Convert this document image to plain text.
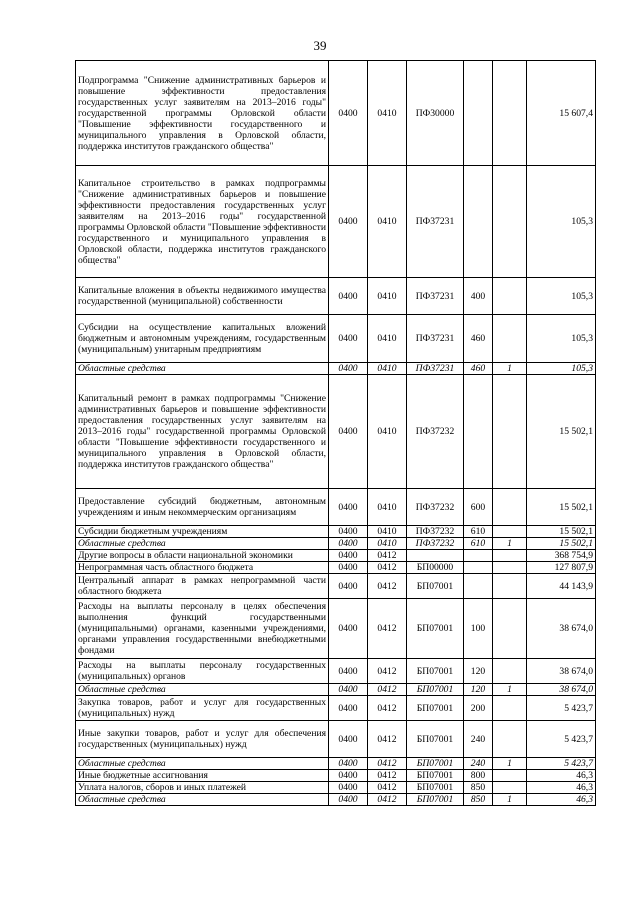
39
Подпрограмма "Снижение административных барьеров и повышение эффективности предоставления государственных услуг заявителям на 2013–2016 годы" государственной программы Орловской области "Повышение эффективности государственного и муниципального управления в Орловской области, поддержка институтов гражданского общества"	0400	0410	ПФ30000			15 607,4
Капитальное строительство в рамках подпрограммы "Снижение административных барьеров и повышение эффективности предоставления государственных услуг заявителям на 2013–2016 годы" государственной программы Орловской области "Повышение эффективности государственного и муниципального управления в Орловской области, поддержка институтов гражданского общества"	0400	0410	ПФ37231			105,3
Капитальные вложения в объекты недвижимого имущества государственной (муниципальной) собственности	0400	0410	ПФ37231	400		105,3
Субсидии на осуществление капитальных вложений бюджетным и автономным учреждениям, государственным (муниципальным) унитарным предприятиям	0400	0410	ПФ37231	460		105,3
Областные средства	0400	0410	ПФ37231	460	1	105,3
Капитальный ремонт в рамках подпрограммы "Снижение административных барьеров и повышение эффективности предоставления государственных услуг заявителям на 2013–2016 годы" государственной программы Орловской области "Повышение эффективности государственного и муниципального управления в Орловской области, поддержка институтов гражданского общества"	0400	0410	ПФ37232			15 502,1
Предоставление субсидий бюджетным, автономным учреждениям и иным некоммерческим организациям	0400	0410	ПФ37232	600		15 502,1
Субсидии бюджетным учреждениям	0400	0410	ПФ37232	610		15 502,1
Областные средства	0400	0410	ПФ37232	610	1	15 502,1
Другие вопросы в области национальной экономики	0400	0412				368 754,9
Непрограммная часть областного бюджета	0400	0412	БП00000			127 807,9
Центральный аппарат в рамках непрограммной части областного бюджета	0400	0412	БП07001			44 143,9
Расходы на выплаты персоналу в целях обеспечения выполнения функций государственными (муниципальными) органами, казенными учреждениями, органами управления государственными внебюджетными фондами	0400	0412	БП07001	100		38 674,0
Расходы на выплаты персоналу государственных (муниципальных) органов	0400	0412	БП07001	120		38 674,0
Областные средства	0400	0412	БП07001	120	1	38 674,0
Закупка товаров, работ и услуг для государственных (муниципальных) нужд	0400	0412	БП07001	200		5 423,7
Иные закупки товаров, работ и услуг для обеспечения государственных (муниципальных) нужд	0400	0412	БП07001	240		5 423,7
Областные средства	0400	0412	БП07001	240	1	5 423,7
Иные бюджетные ассигнования	0400	0412	БП07001	800		46,3
Уплата налогов, сборов и иных платежей	0400	0412	БП07001	850		46,3
Областные средства	0400	0412	БП07001	850	1	46,3
